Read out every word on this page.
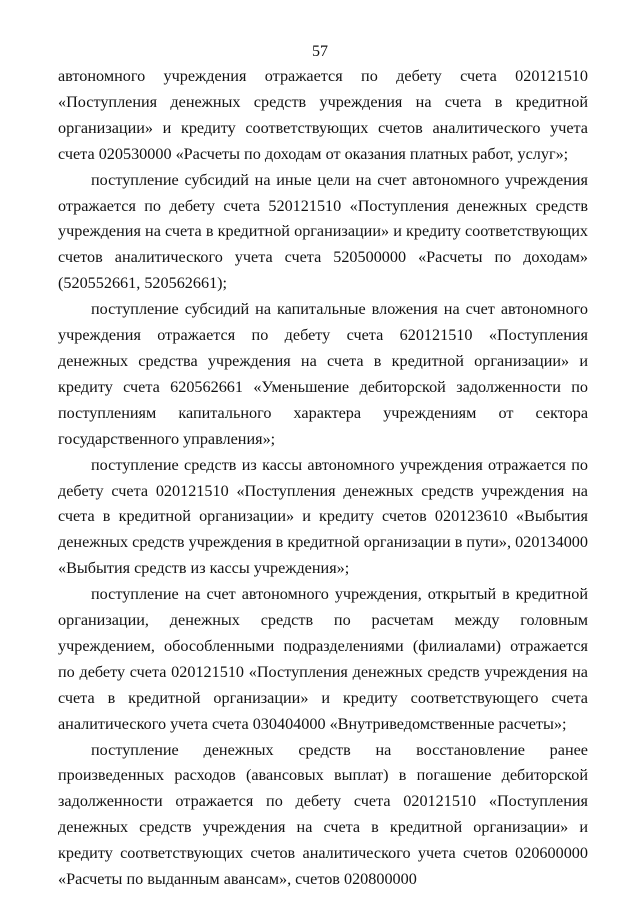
57

автономного учреждения отражается по дебету счета 020121510 «Поступления денежных средств учреждения на счета в кредитной организации» и кредиту соответствующих счетов аналитического учета счета 020530000 «Расчеты по доходам от оказания платных работ, услуг»;

поступление субсидий на иные цели на счет автономного учреждения отражается по дебету счета 520121510 «Поступления денежных средств учреждения на счета в кредитной организации» и кредиту соответствующих счетов аналитического учета счета 520500000 «Расчеты по доходам» (520552661, 520562661);

поступление субсидий на капитальные вложения на счет автономного учреждения отражается по дебету счета 620121510 «Поступления денежных средства учреждения на счета в кредитной организации» и кредиту счета 620562661 «Уменьшение дебиторской задолженности по поступлениям капитального характера учреждениям от сектора государственного управления»;

поступление средств из кассы автономного учреждения отражается по дебету счета 020121510 «Поступления денежных средств учреждения на счета в кредитной организации» и кредиту счетов 020123610 «Выбытия денежных средств учреждения в кредитной организации в пути», 020134000 «Выбытия средств из кассы учреждения»;

поступление на счет автономного учреждения, открытый в кредитной организации, денежных средств по расчетам между головным учреждением, обособленными подразделениями (филиалами) отражается по дебету счета 020121510 «Поступления денежных средств учреждения на счета в кредитной организации» и кредиту соответствующего счета аналитического учета счета 030404000 «Внутриведомственные расчеты»;

поступление денежных средств на восстановление ранее произведенных расходов (авансовых выплат) в погашение дебиторской задолженности отражается по дебету счета 020121510 «Поступления денежных средств учреждения на счета в кредитной организации» и кредиту соответствующих счетов аналитического учета счетов 020600000 «Расчеты по выданным авансам», счетов 020800000
